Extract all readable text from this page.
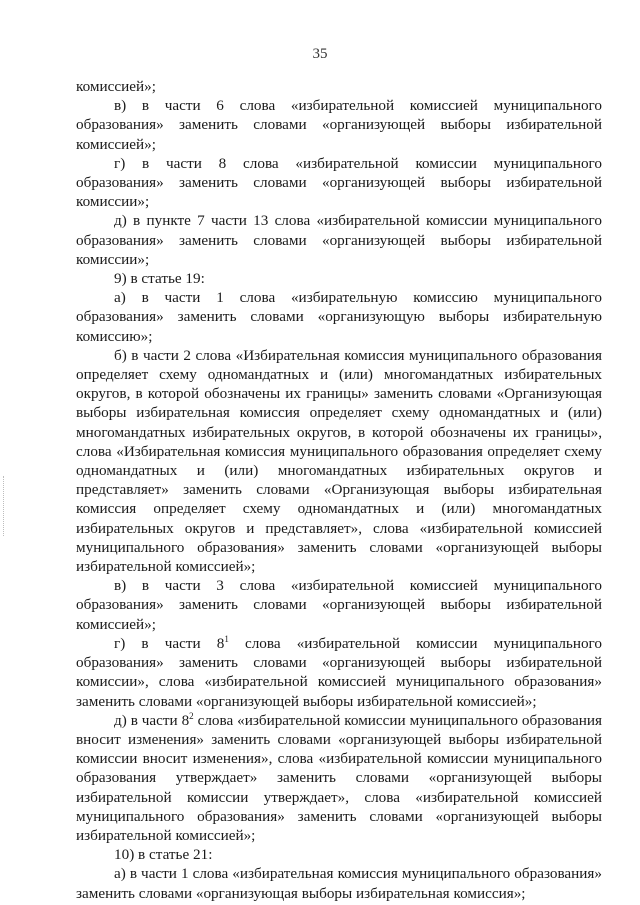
35

комиссией»;

в) в части 6 слова «избирательной комиссией муниципального образования» заменить словами «организующей выборы избирательной комиссией»;

г) в части 8 слова «избирательной комиссии муниципального образования» заменить словами «организующей выборы избирательной комиссии»;

д) в пункте 7 части 13 слова «избирательной комиссии муниципального образования» заменить словами «организующей выборы избирательной комиссии»;

9) в статье 19:

а) в части 1 слова «избирательную комиссию муниципального образования» заменить словами «организующую выборы избирательную комиссию»;

б) в части 2 слова «Избирательная комиссия муниципального образования определяет схему одномандатных и (или) многомандатных избирательных округов, в которой обозначены их границы» заменить словами «Организующая выборы избирательная комиссия определяет схему одномандатных и (или) многомандатных избирательных округов, в которой обозначены их границы», слова «Избирательная комиссия муниципального образования определяет схему одномандатных и (или) многомандатных избирательных округов и представляет» заменить словами «Организующая выборы избирательная комиссия определяет схему одномандатных и (или) многомандатных избирательных округов и представляет», слова «избирательной комиссией муниципального образования» заменить словами «организующей выборы избирательной комиссией»;

в) в части 3 слова «избирательной комиссией муниципального образования» заменить словами «организующей выборы избирательной комиссией»;

г) в части $8^1$ слова «избирательной комиссии муниципального образования» заменить словами «организующей выборы избирательной комиссии», слова «избирательной комиссией муниципального образования» заменить словами «организующей выборы избирательной комиссией»;

д) в части $8^2$ слова «избирательной комиссии муниципального образования вносит изменения» заменить словами «организующей выборы избирательной комиссии вносит изменения», слова «избирательной комиссии муниципального образования утверждает» заменить словами «организующей выборы избирательной комиссии утверждает», слова «избирательной комиссией муниципального образования» заменить словами «организующей выборы избирательной комиссией»;

10) в статье 21:

а) в части 1 слова «избирательная комиссия муниципального образования» заменить словами «организующая выборы избирательная комиссия»;
